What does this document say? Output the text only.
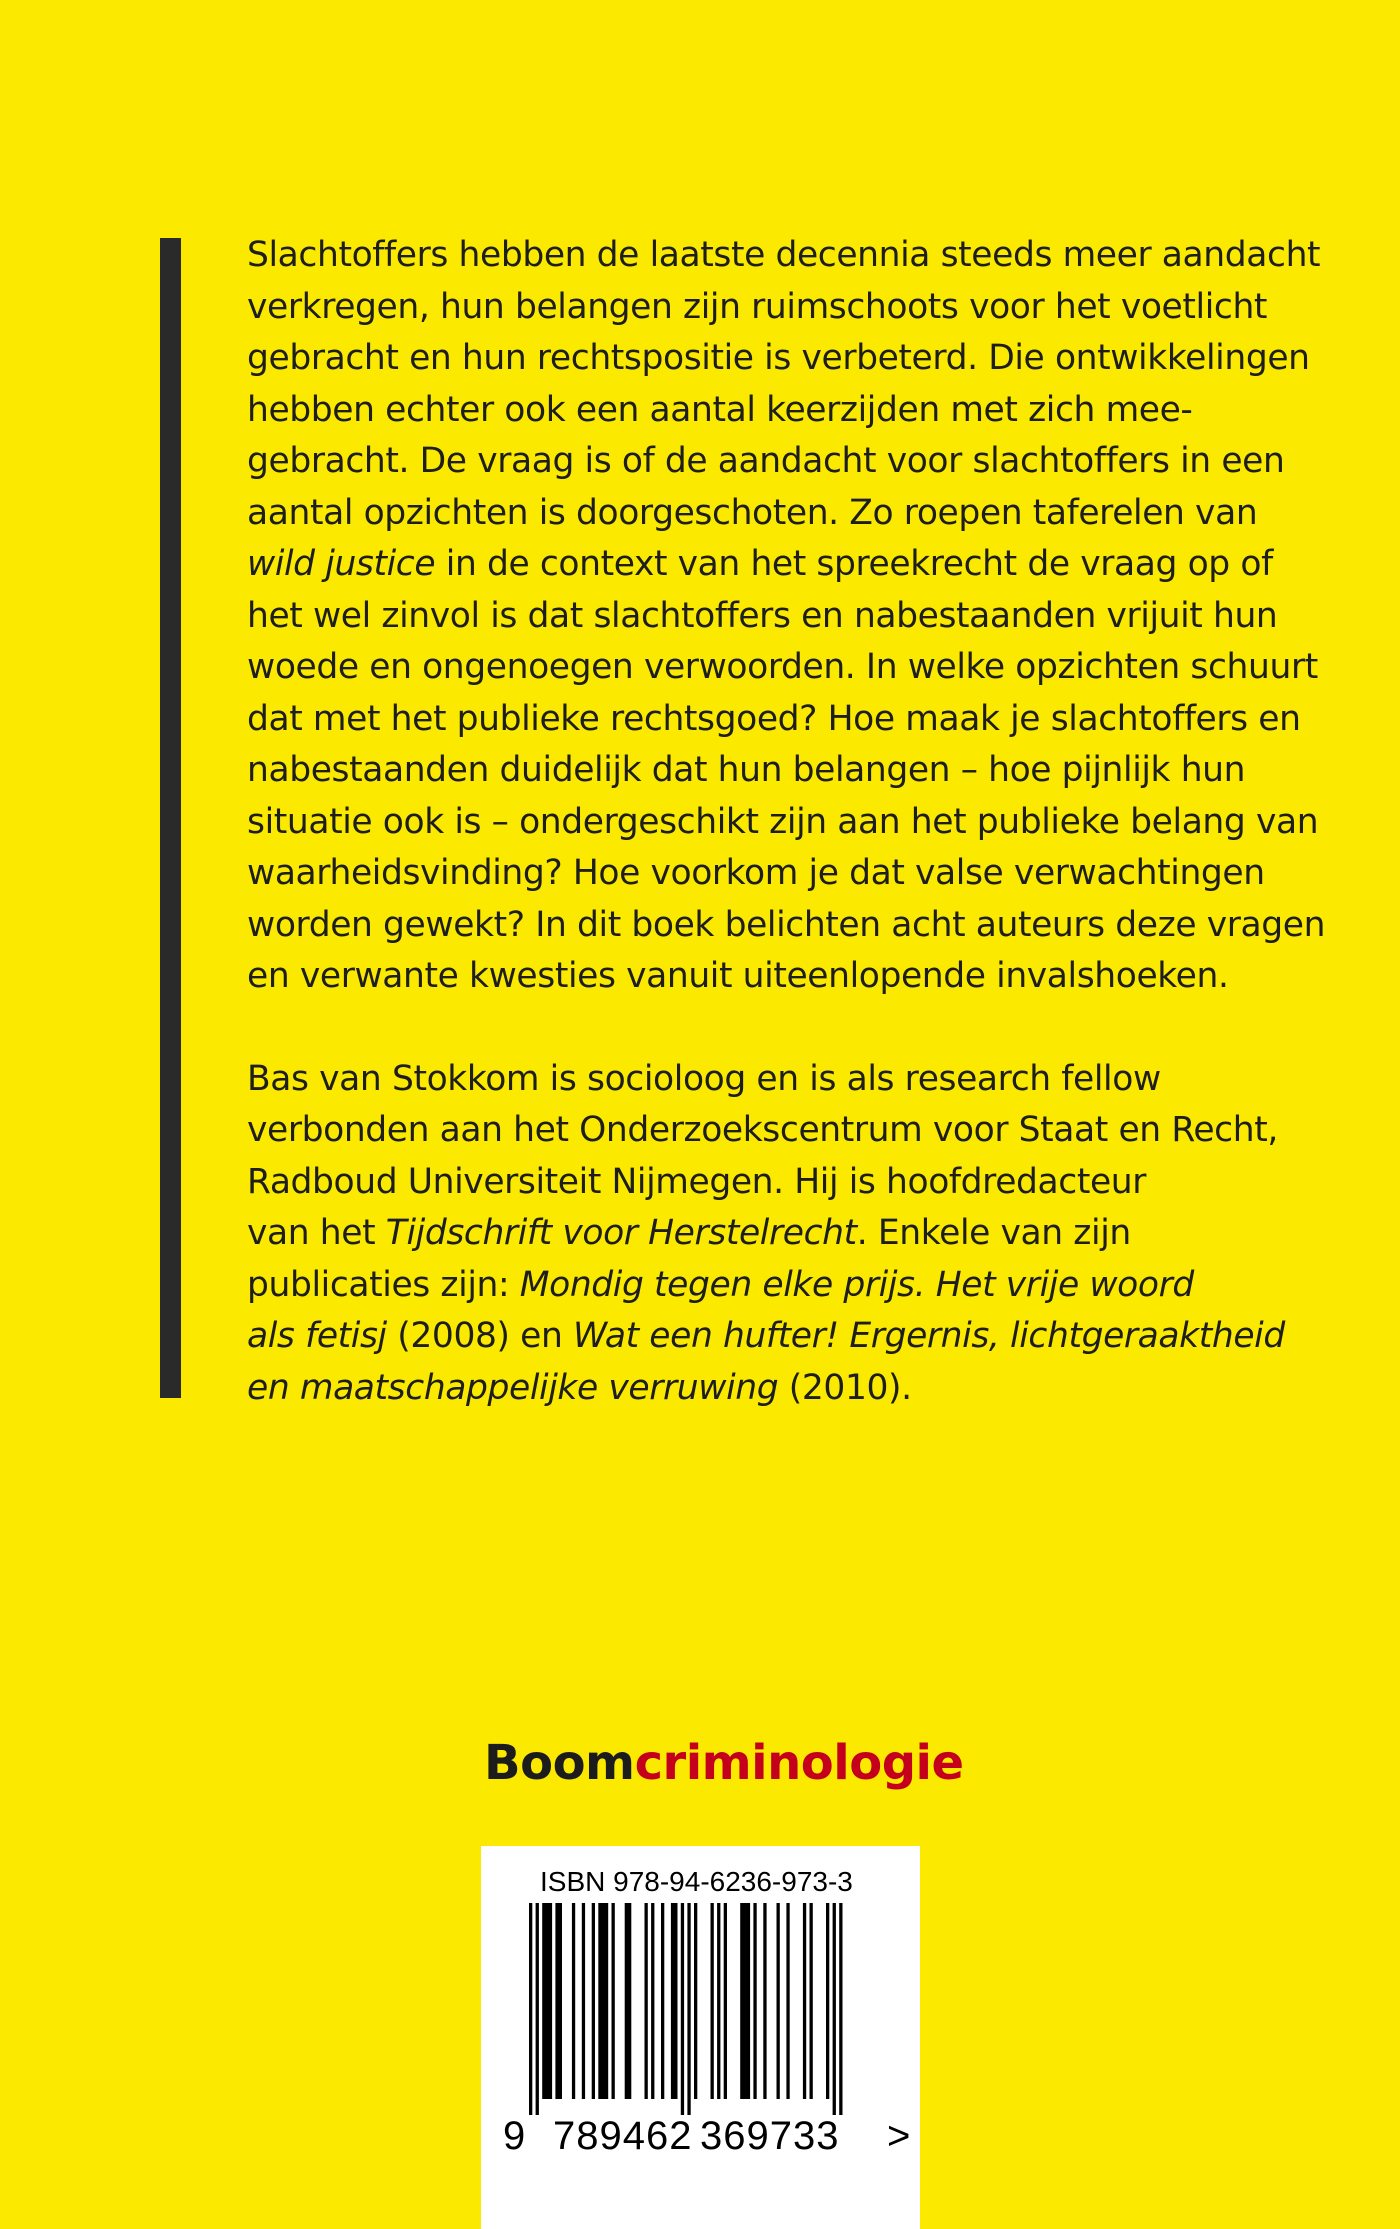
Slachtoffers hebben de laatste decennia steeds meer aandacht
verkregen, hun belangen zijn ruimschoots voor het voetlicht
gebracht en hun rechtspositie is verbeterd. Die ontwikkelingen
hebben echter ook een aantal keerzijden met zich mee-
gebracht. De vraag is of de aandacht voor slachtoffers in een
aantal opzichten is doorgeschoten. Zo roepen taferelen van
wild justice in de context van het spreekrecht de vraag op of
het wel zinvol is dat slachtoffers en nabestaanden vrijuit hun
woede en ongenoegen verwoorden. In welke opzichten schuurt
dat met het publieke rechtsgoed? Hoe maak je slachtoffers en
nabestaanden duidelijk dat hun belangen – hoe pijnlijk hun
situatie ook is – ondergeschikt zijn aan het publieke belang van
waarheidsvinding? Hoe voorkom je dat valse verwachtingen
worden gewekt? In dit boek belichten acht auteurs deze vragen
en verwante kwesties vanuit uiteenlopende invalshoeken.

Bas van Stokkom is socioloog en is als research fellow
verbonden aan het Onderzoekscentrum voor Staat en Recht,
Radboud Universiteit Nijmegen. Hij is hoofdredacteur
van het Tijdschrift voor Herstelrecht. Enkele van zijn
publicaties zijn: Mondig tegen elke prijs. Het vrije woord
als fetisj (2008) en Wat een hufter! Ergernis, lichtgeraaktheid
en maatschappelijke verruwing (2010).

Boomcriminologie
ISBN 978-94-6236-973-3
9 789462 369733 >
